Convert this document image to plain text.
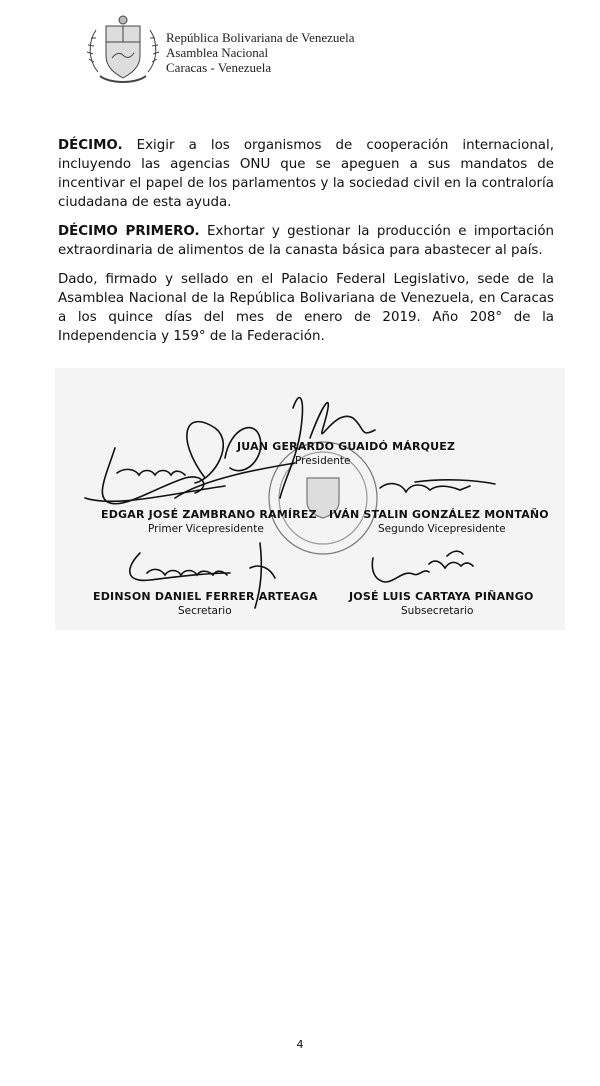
República Bolivariana de Venezuela
Asamblea Nacional
Caracas - Venezuela
DÉCIMO. Exigir a los organismos de cooperación internacional, incluyendo las agencias ONU que se apeguen a sus mandatos de incentivar el papel de los parlamentos y la sociedad civil en la contraloría ciudadana de esta ayuda.
DÉCIMO PRIMERO. Exhortar y gestionar la producción e importación extraordinaria de alimentos de la canasta básica para abastecer al país.
Dado, firmado y sellado en el Palacio Federal Legislativo, sede de la Asamblea Nacional de la República Bolivariana de Venezuela, en Caracas a los quince días del mes de enero de 2019. Año 208° de la Independencia y 159° de la Federación.
JUAN GERARDO GUAIDÓ MÁRQUEZ
Presidente
EDGAR JOSÉ ZAMBRANO RAMÍREZ
Primer Vicepresidente
IVÁN STALIN GONZÁLEZ MONTAÑO
Segundo Vicepresidente
EDINSON DANIEL FERRER ARTEAGA
Secretario
JOSÉ LUIS CARTAYA PIÑANGO
Subsecretario
4
